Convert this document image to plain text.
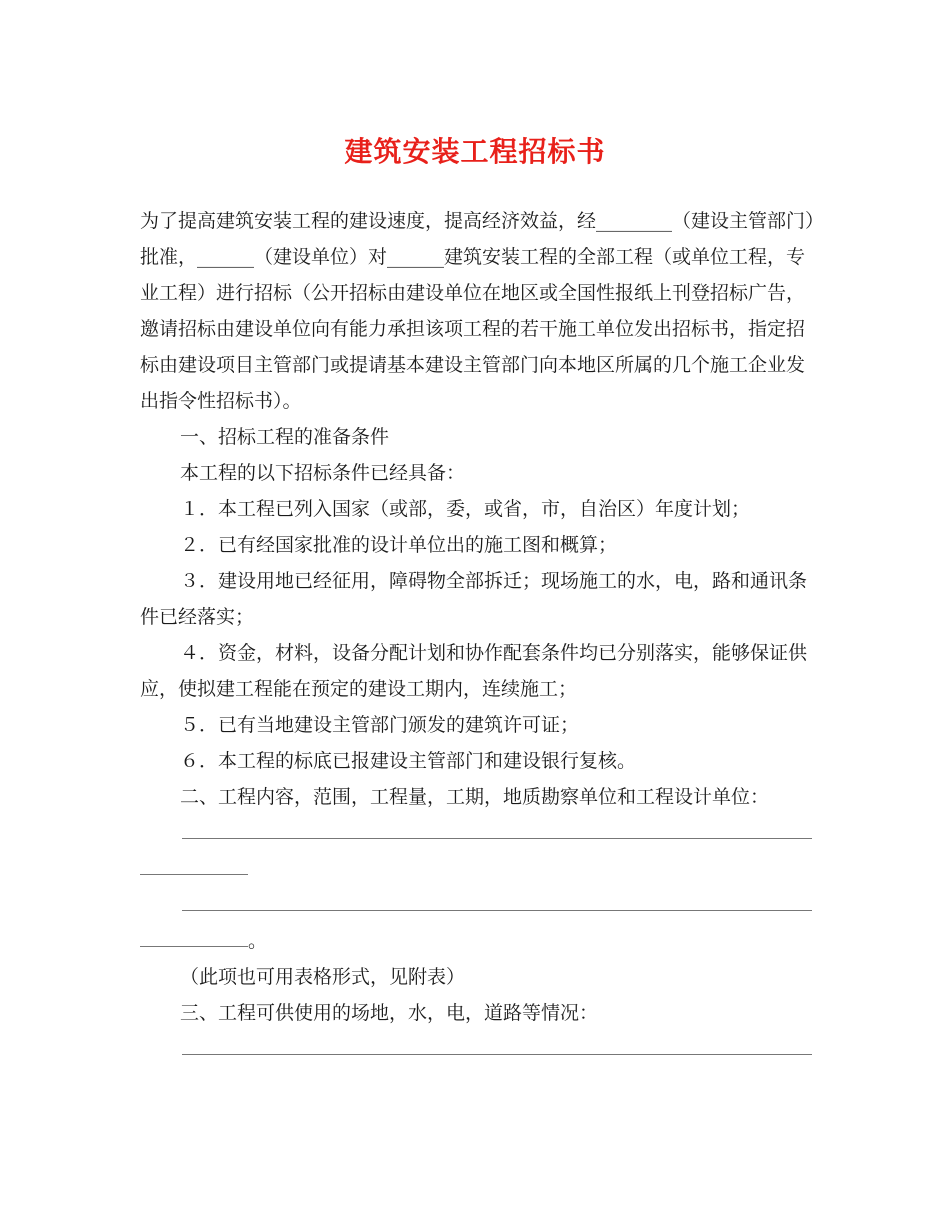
建筑安装工程招标书

为了提高建筑安装工程的建设速度，提高经济效益，经________（建设主管部门）批准，______（建设单位）对______建筑安装工程的全部工程（或单位工程，专业工程）进行招标（公开招标由建设单位在地区或全国性报纸上刊登招标广告，邀请招标由建设单位向有能力承担该项工程的若干施工单位发出招标书，指定招标由建设项目主管部门或提请基本建设主管部门向本地区所属的几个施工企业发出指令性招标书）。

一、招标工程的准备条件

本工程的以下招标条件已经具备：

１．本工程已列入国家（或部，委，或省，市，自治区）年度计划；

２．已有经国家批准的设计单位出的施工图和概算；

３．建设用地已经征用，障碍物全部拆迁；现场施工的水，电，路和通讯条件已经落实；

４．资金，材料，设备分配计划和协作配套条件均已分别落实，能够保证供应，使拟建工程能在预定的建设工期内，连续施工；

５．已有当地建设主管部门颁发的建筑许可证；

６．本工程的标底已报建设主管部门和建设银行复核。

二、工程内容，范围，工程量，工期，地质勘察单位和工程设计单位：

。

（此项也可用表格形式，见附表）

三、工程可供使用的场地，水，电，道路等情况：
